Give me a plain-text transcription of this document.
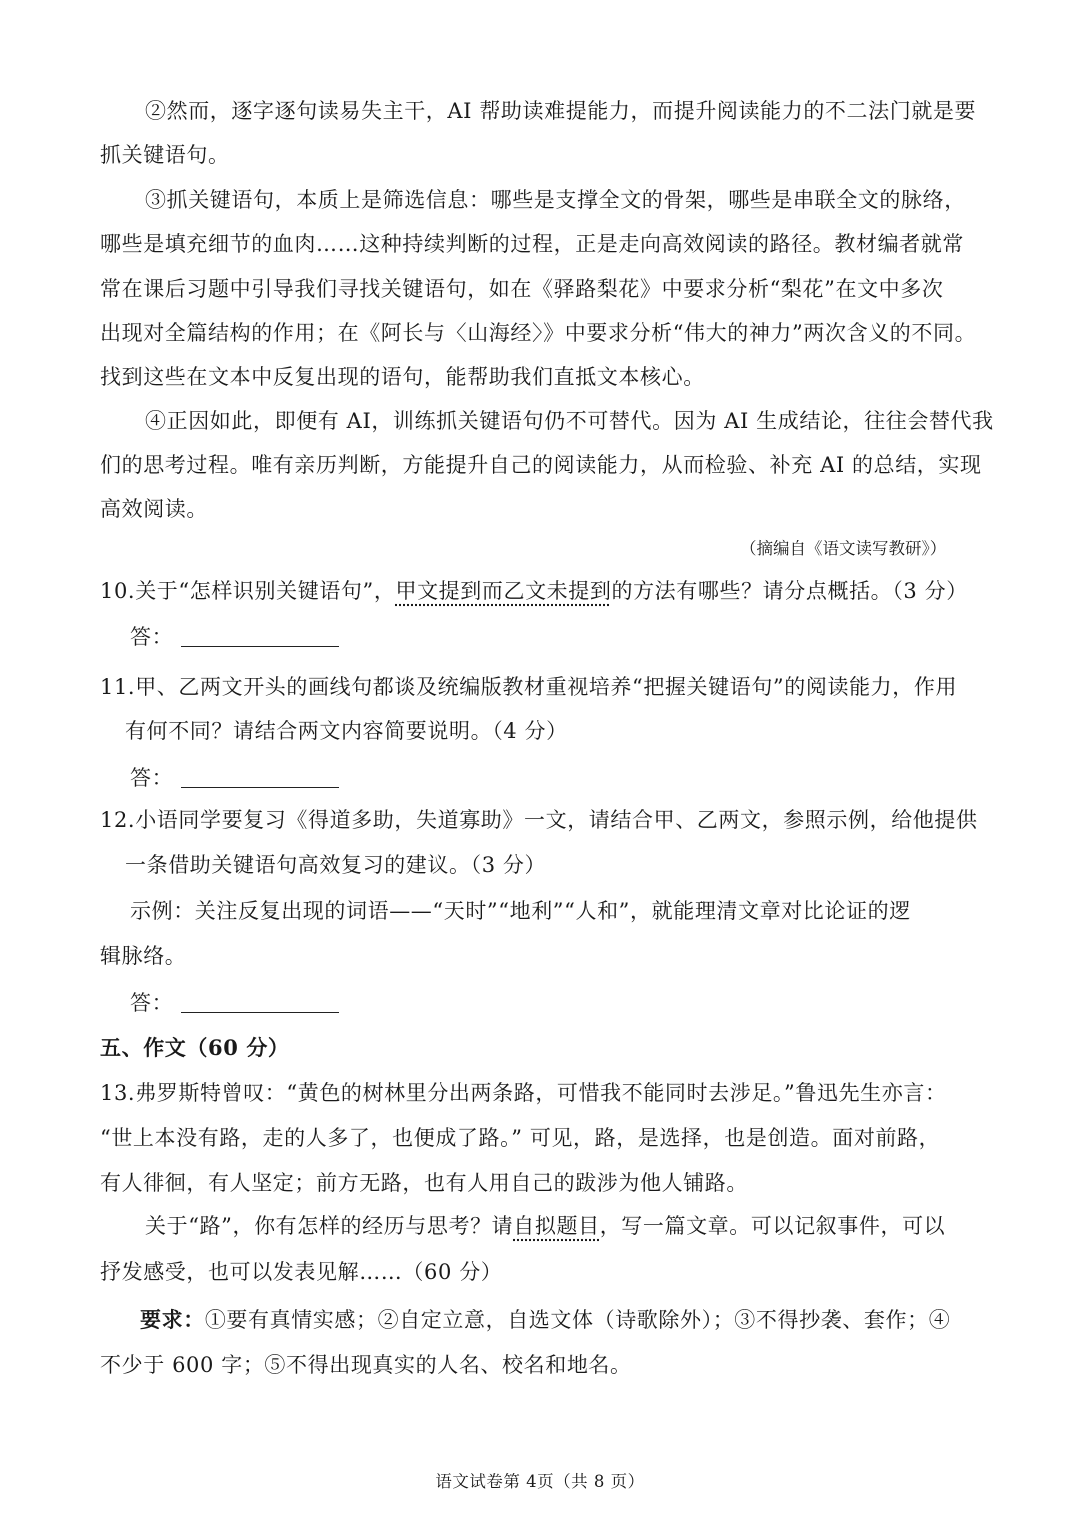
②然而，逐字逐句读易失主干，AI 帮助读难提能力，而提升阅读能力的不二法门就是要
抓关键语句。
③抓关键语句，本质上是筛选信息：哪些是支撑全文的骨架，哪些是串联全文的脉络，
哪些是填充细节的血肉……这种持续判断的过程，正是走向高效阅读的路径。教材编者就常
常在课后习题中引导我们寻找关键语句，如在《驿路梨花》中要求分析“梨花”在文中多次
出现对全篇结构的作用；在《阿长与〈山海经〉》中要求分析“伟大的神力”两次含义的不同。
找到这些在文本中反复出现的语句，能帮助我们直抵文本核心。
④正因如此，即便有 AI，训练抓关键语句仍不可替代。因为 AI 生成结论，往往会替代我
们的思考过程。唯有亲历判断，方能提升自己的阅读能力，从而检验、补充 AI 的总结，实现
高效阅读。
（摘编自《语文读写教研》）
10.关于“怎样识别关键语句”，甲文提到而乙文未提到的方法有哪些？请分点概括。（3 分）
答：
11.甲、乙两文开头的画线句都谈及统编版教材重视培养“把握关键语句”的阅读能力，作用
有何不同？请结合两文内容简要说明。（4 分）
答：
12.小语同学要复习《得道多助，失道寡助》一文，请结合甲、乙两文，参照示例，给他提供
一条借助关键语句高效复习的建议。（3 分）
示例：关注反复出现的词语——“天时”“地利”“人和”，就能理清文章对比论证的逻
辑脉络。
答：
五、作文（60 分）
13.弗罗斯特曾叹：“黄色的树林里分出两条路，可惜我不能同时去涉足。”鲁迅先生亦言：
“世上本没有路，走的人多了，也便成了路。” 可见，路，是选择，也是创造。面对前路，
有人徘徊，有人坚定；前方无路，也有人用自己的跋涉为他人铺路。
关于“路”，你有怎样的经历与思考？请自拟题目，写一篇文章。可以记叙事件，可以
抒发感受，也可以发表见解……（60 分）
要求：①要有真情实感；②自定立意，自选文体（诗歌除外）；③不得抄袭、套作；④
不少于 600 字；⑤不得出现真实的人名、校名和地名。
语文试卷第 4页（共 8 页）
